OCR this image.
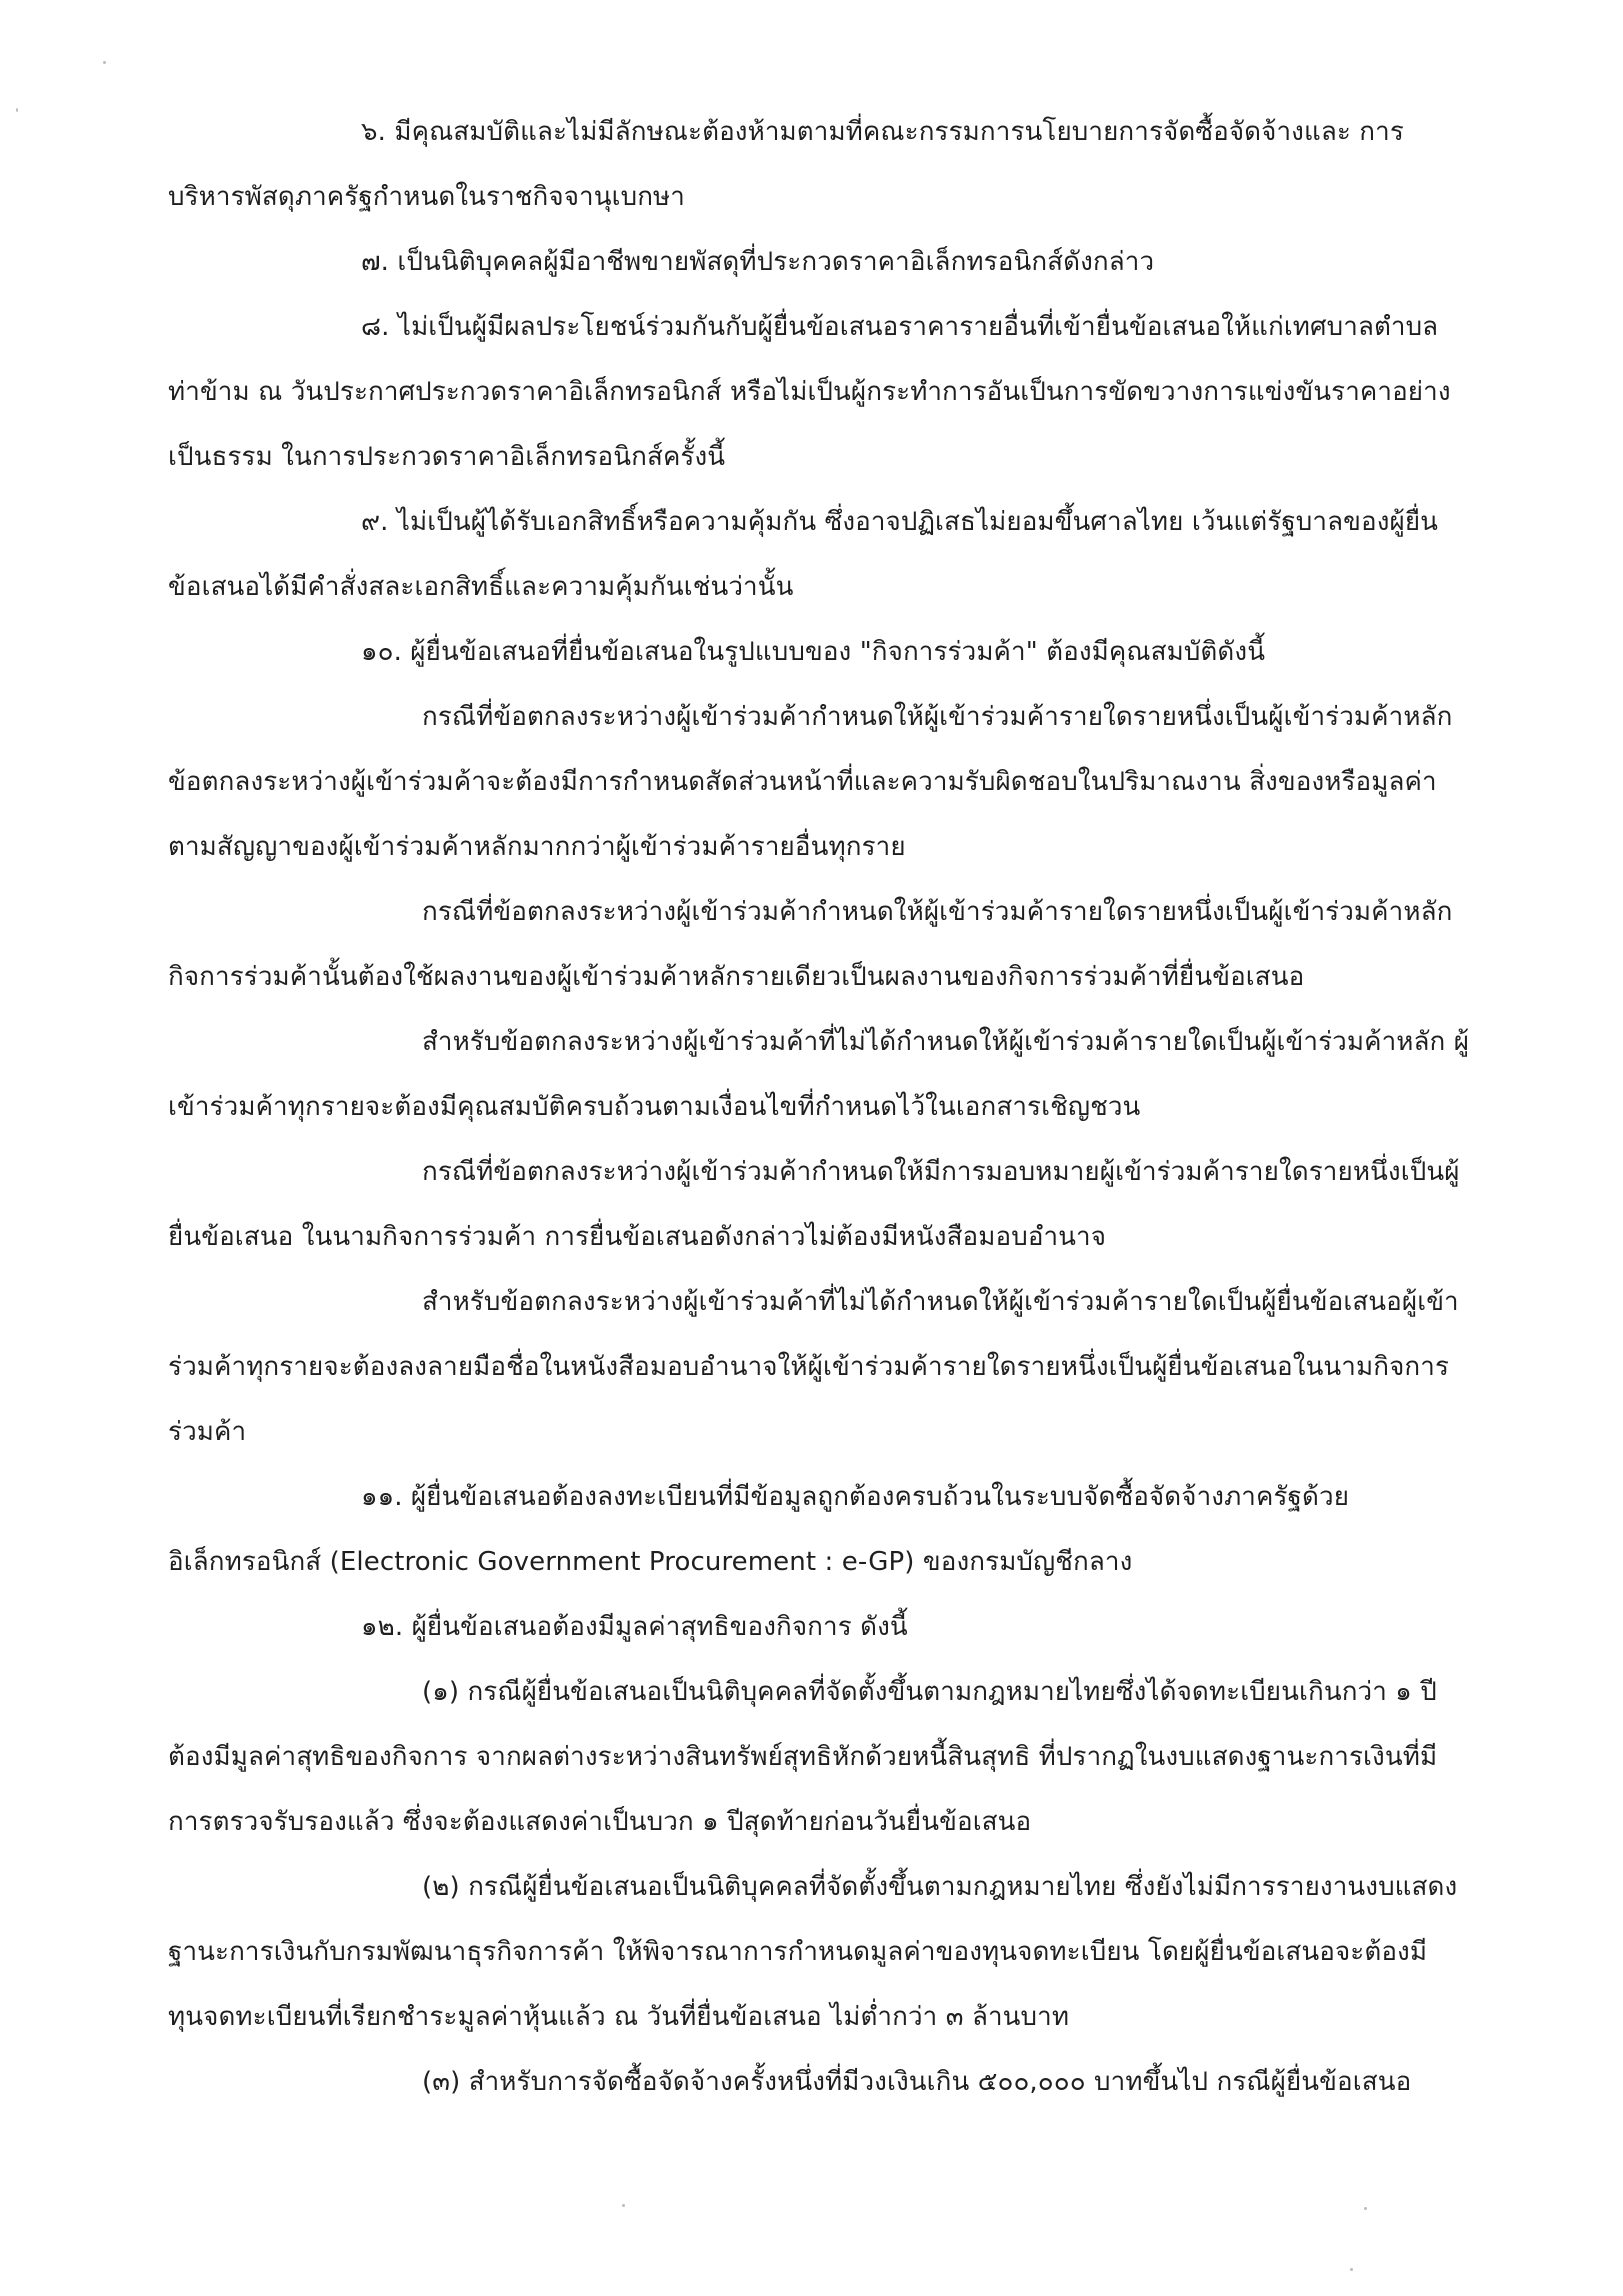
๖. มีคุณสมบัติและไม่มีลักษณะต้องห้ามตามที่คณะกรรมการนโยบายการจัดซื้อจัดจ้างและ การ
บริหารพัสดุภาครัฐกำหนดในราชกิจจานุเบกษา
๗. เป็นนิติบุคคลผู้มีอาชีพขายพัสดุที่ประกวดราคาอิเล็กทรอนิกส์ดังกล่าว
๘. ไม่เป็นผู้มีผลประโยชน์ร่วมกันกับผู้ยื่นข้อเสนอราคารายอื่นที่เข้ายื่นข้อเสนอให้แก่เทศบาลตำบล
ท่าข้าม ณ วันประกาศประกวดราคาอิเล็กทรอนิกส์ หรือไม่เป็นผู้กระทำการอันเป็นการขัดขวางการแข่งขันราคาอย่าง
เป็นธรรม ในการประกวดราคาอิเล็กทรอนิกส์ครั้งนี้
๙. ไม่เป็นผู้ได้รับเอกสิทธิ์หรือความคุ้มกัน ซึ่งอาจปฏิเสธไม่ยอมขึ้นศาลไทย เว้นแต่รัฐบาลของผู้ยื่น
ข้อเสนอได้มีคำสั่งสละเอกสิทธิ์และความคุ้มกันเช่นว่านั้น
๑๐. ผู้ยื่นข้อเสนอที่ยื่นข้อเสนอในรูปแบบของ "กิจการร่วมค้า" ต้องมีคุณสมบัติดังนี้
กรณีที่ข้อตกลงระหว่างผู้เข้าร่วมค้ากำหนดให้ผู้เข้าร่วมค้ารายใดรายหนึ่งเป็นผู้เข้าร่วมค้าหลัก
ข้อตกลงระหว่างผู้เข้าร่วมค้าจะต้องมีการกำหนดสัดส่วนหน้าที่และความรับผิดชอบในปริมาณงาน สิ่งของหรือมูลค่า
ตามสัญญาของผู้เข้าร่วมค้าหลักมากกว่าผู้เข้าร่วมค้ารายอื่นทุกราย
กรณีที่ข้อตกลงระหว่างผู้เข้าร่วมค้ากำหนดให้ผู้เข้าร่วมค้ารายใดรายหนึ่งเป็นผู้เข้าร่วมค้าหลัก
กิจการร่วมค้านั้นต้องใช้ผลงานของผู้เข้าร่วมค้าหลักรายเดียวเป็นผลงานของกิจการร่วมค้าที่ยื่นข้อเสนอ
สำหรับข้อตกลงระหว่างผู้เข้าร่วมค้าที่ไม่ได้กำหนดให้ผู้เข้าร่วมค้ารายใดเป็นผู้เข้าร่วมค้าหลัก ผู้
เข้าร่วมค้าทุกรายจะต้องมีคุณสมบัติครบถ้วนตามเงื่อนไขที่กำหนดไว้ในเอกสารเชิญชวน
กรณีที่ข้อตกลงระหว่างผู้เข้าร่วมค้ากำหนดให้มีการมอบหมายผู้เข้าร่วมค้ารายใดรายหนึ่งเป็นผู้
ยื่นข้อเสนอ ในนามกิจการร่วมค้า การยื่นข้อเสนอดังกล่าวไม่ต้องมีหนังสือมอบอำนาจ
สำหรับข้อตกลงระหว่างผู้เข้าร่วมค้าที่ไม่ได้กำหนดให้ผู้เข้าร่วมค้ารายใดเป็นผู้ยื่นข้อเสนอผู้เข้า
ร่วมค้าทุกรายจะต้องลงลายมือชื่อในหนังสือมอบอำนาจให้ผู้เข้าร่วมค้ารายใดรายหนึ่งเป็นผู้ยื่นข้อเสนอในนามกิจการ
ร่วมค้า
๑๑. ผู้ยื่นข้อเสนอต้องลงทะเบียนที่มีข้อมูลถูกต้องครบถ้วนในระบบจัดซื้อจัดจ้างภาครัฐด้วย
อิเล็กทรอนิกส์ (Electronic Government Procurement : e-GP) ของกรมบัญชีกลาง
๑๒. ผู้ยื่นข้อเสนอต้องมีมูลค่าสุทธิของกิจการ ดังนี้
(๑) กรณีผู้ยื่นข้อเสนอเป็นนิติบุคคลที่จัดตั้งขึ้นตามกฎหมายไทยซึ่งได้จดทะเบียนเกินกว่า ๑ ปี
ต้องมีมูลค่าสุทธิของกิจการ จากผลต่างระหว่างสินทรัพย์สุทธิหักด้วยหนี้สินสุทธิ ที่ปรากฏในงบแสดงฐานะการเงินที่มี
การตรวจรับรองแล้ว ซึ่งจะต้องแสดงค่าเป็นบวก ๑ ปีสุดท้ายก่อนวันยื่นข้อเสนอ
(๒) กรณีผู้ยื่นข้อเสนอเป็นนิติบุคคลที่จัดตั้งขึ้นตามกฎหมายไทย ซึ่งยังไม่มีการรายงานงบแสดง
ฐานะการเงินกับกรมพัฒนาธุรกิจการค้า ให้พิจารณาการกำหนดมูลค่าของทุนจดทะเบียน โดยผู้ยื่นข้อเสนอจะต้องมี
ทุนจดทะเบียนที่เรียกชำระมูลค่าหุ้นแล้ว ณ วันที่ยื่นข้อเสนอ ไม่ต่ำกว่า ๓ ล้านบาท
(๓) สำหรับการจัดซื้อจัดจ้างครั้งหนึ่งที่มีวงเงินเกิน ๕๐๐,๐๐๐ บาทขึ้นไป กรณีผู้ยื่นข้อเสนอ
